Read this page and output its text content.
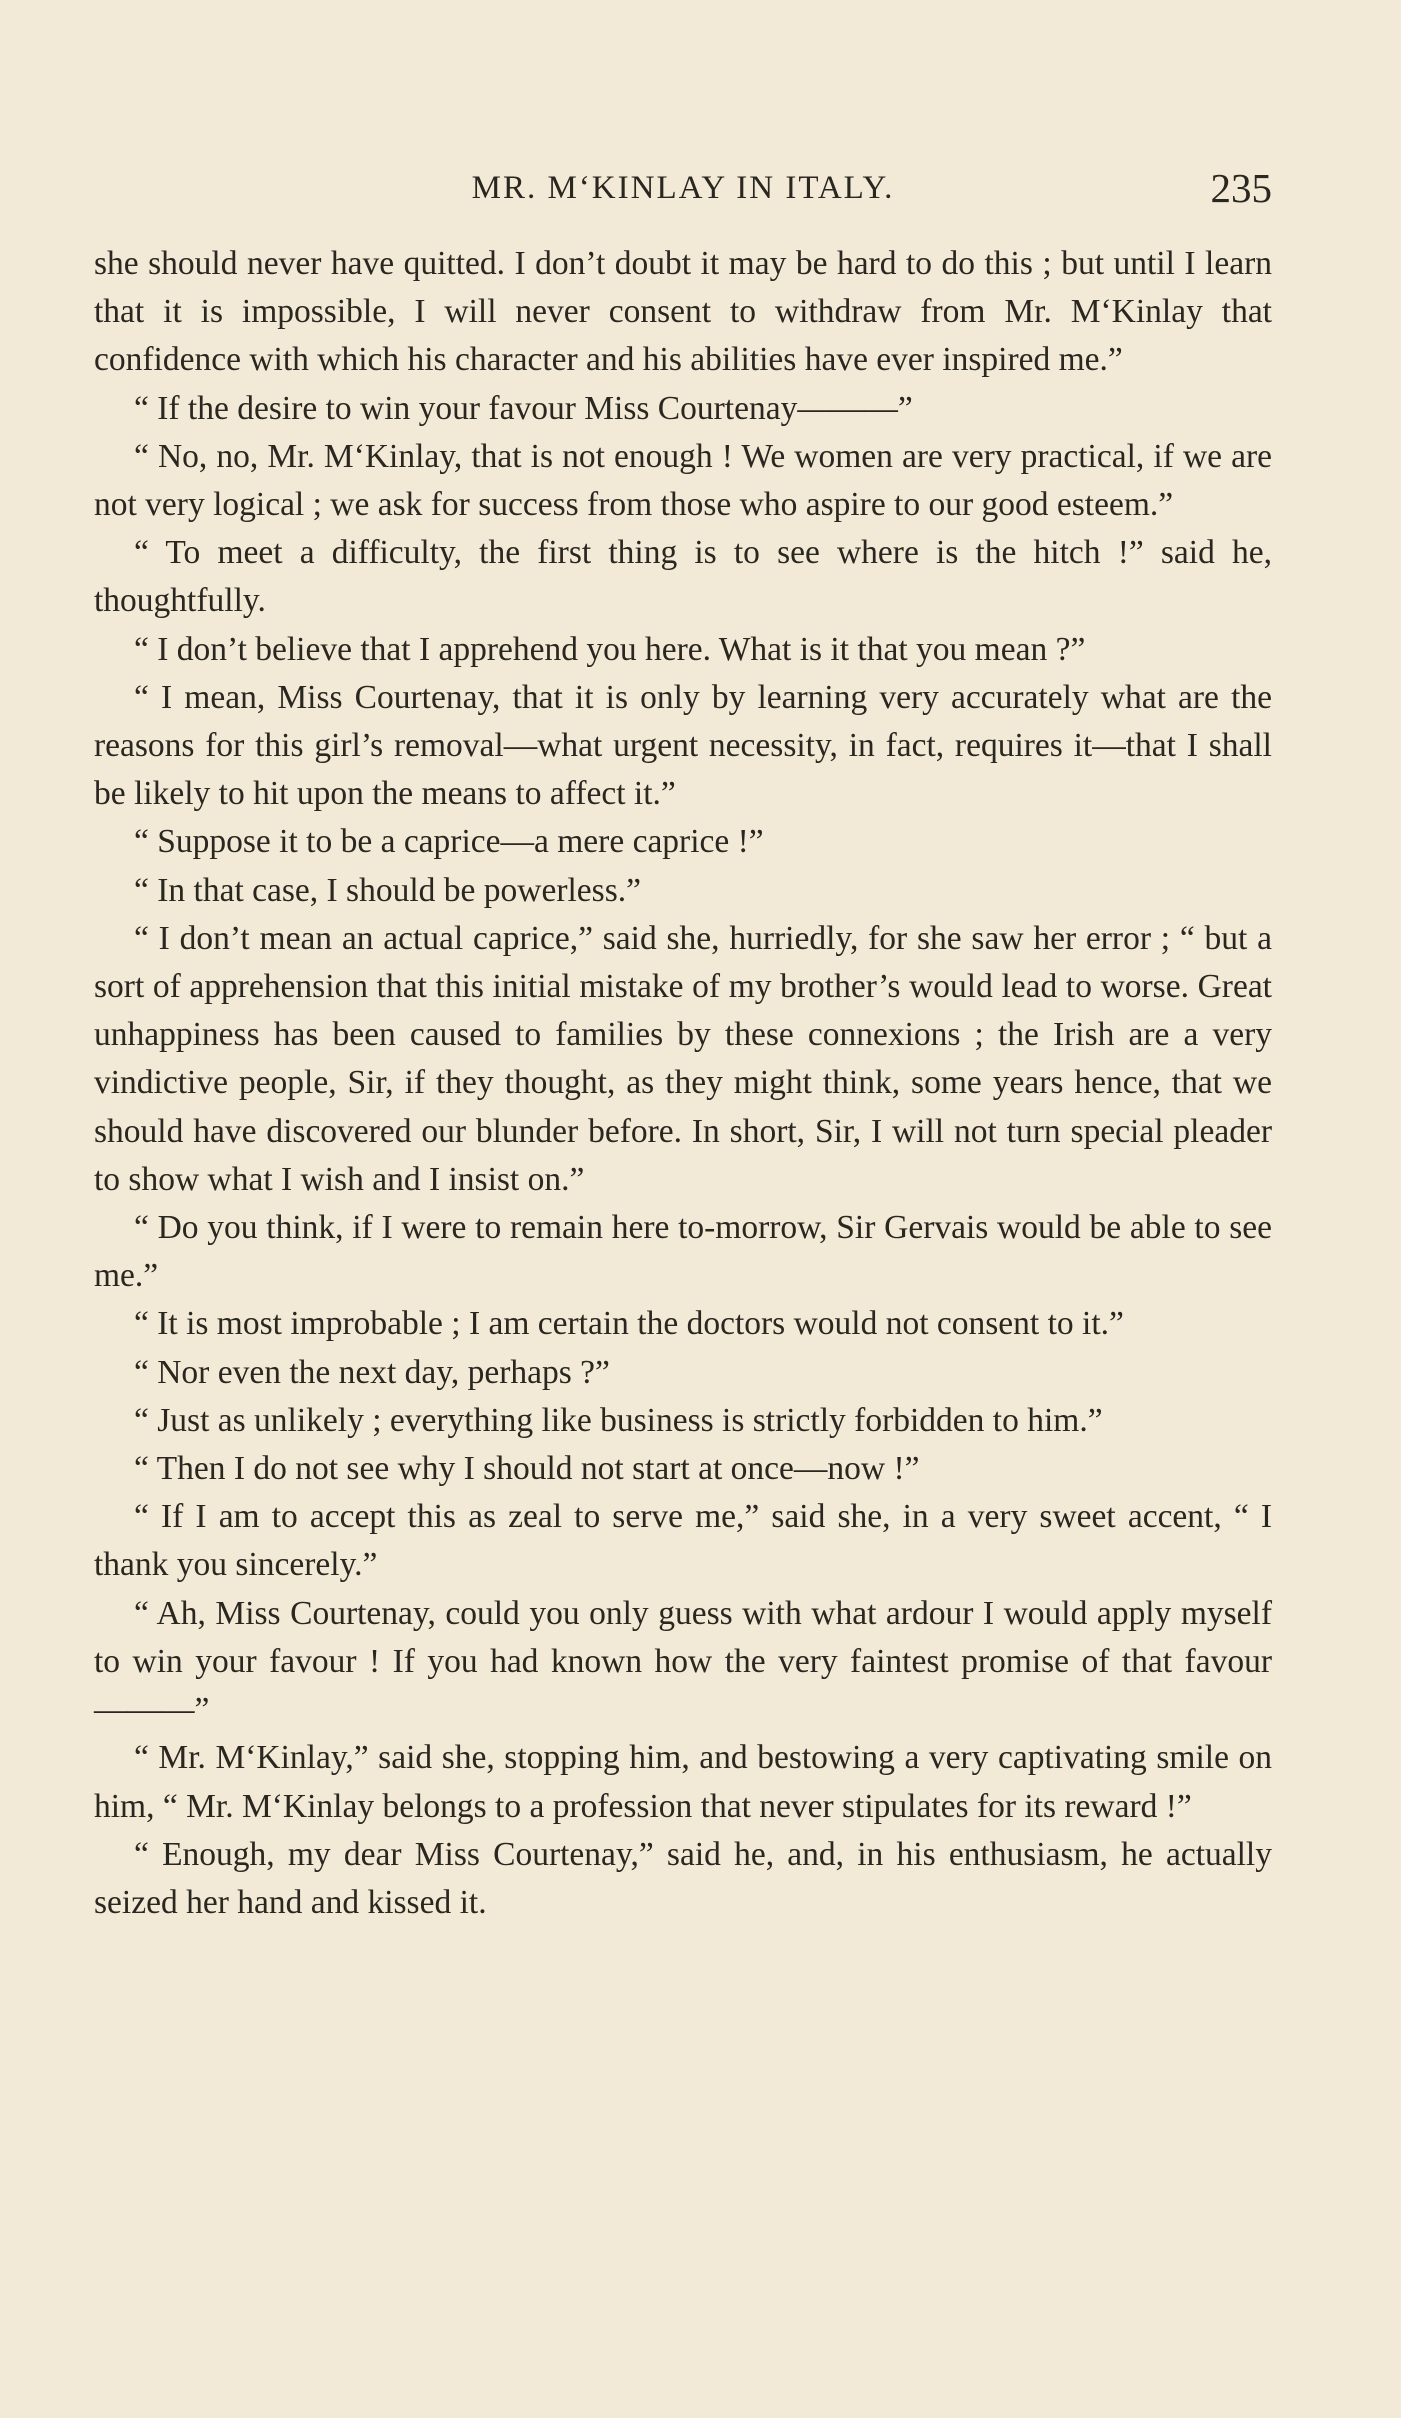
MR. M‘KINLAY IN ITALY.	235

she should never have quitted. I don’t doubt it may be hard to do this ; but until I learn that it is impossible, I will never consent to withdraw from Mr. M‘Kinlay that confidence with which his character and his abilities have ever inspired me.”

“ If the desire to win your favour Miss Courtenay———”

“ No, no, Mr. M‘Kinlay, that is not enough ! We women are very practical, if we are not very logical ; we ask for success from those who aspire to our good esteem.”

“ To meet a difficulty, the first thing is to see where is the hitch !” said he, thoughtfully.

“ I don’t believe that I apprehend you here. What is it that you mean ?”

“ I mean, Miss Courtenay, that it is only by learning very accurately what are the reasons for this girl’s removal—what urgent necessity, in fact, requires it—that I shall be likely to hit upon the means to affect it.”

“ Suppose it to be a caprice—a mere caprice !”

“ In that case, I should be powerless.”

“ I don’t mean an actual caprice,” said she, hurriedly, for she saw her error ; “ but a sort of apprehension that this initial mistake of my brother’s would lead to worse. Great unhappiness has been caused to families by these connexions ; the Irish are a very vindictive people, Sir, if they thought, as they might think, some years hence, that we should have discovered our blunder before. In short, Sir, I will not turn special pleader to show what I wish and I insist on.”

“ Do you think, if I were to remain here to-morrow, Sir Gervais would be able to see me.”

“ It is most improbable ; I am certain the doctors would not consent to it.”

“ Nor even the next day, perhaps ?”

“ Just as unlikely ; everything like business is strictly forbidden to him.”

“ Then I do not see why I should not start at once—now !”

“ If I am to accept this as zeal to serve me,” said she, in a very sweet accent, “ I thank you sincerely.”

“ Ah, Miss Courtenay, could you only guess with what ardour I would apply myself to win your favour ! If you had known how the very faintest promise of that favour———”

“ Mr. M‘Kinlay,” said she, stopping him, and bestowing a very captivating smile on him, “ Mr. M‘Kinlay belongs to a profession that never stipulates for its reward !”

“ Enough, my dear Miss Courtenay,” said he, and, in his enthusiasm, he actually seized her hand and kissed it.
